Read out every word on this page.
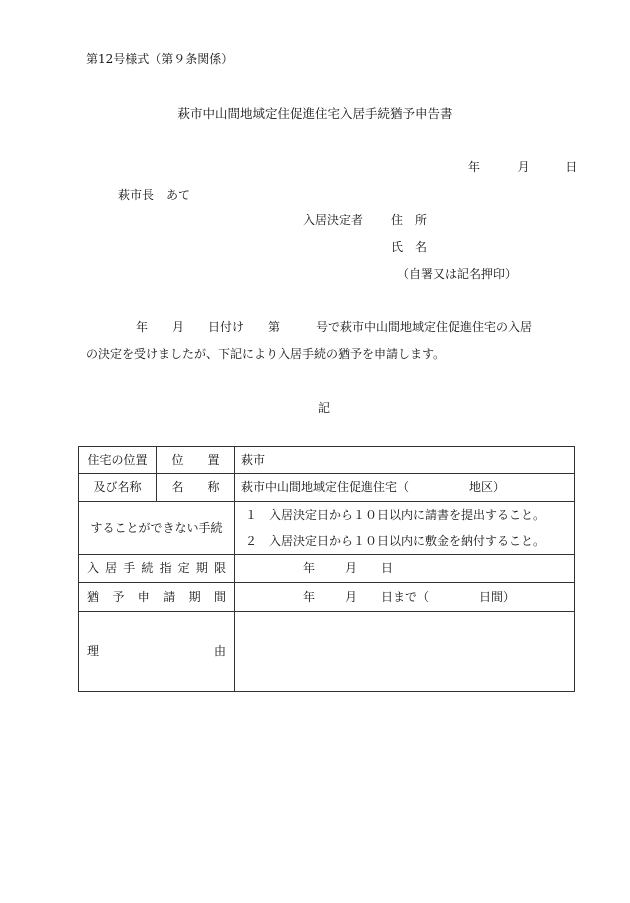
第12号様式（第９条関係）
萩市中山間地域定住促進住宅入居手続猶予申告書
年	月	日
萩市長　あて
入居決定者 住　所
氏　名
（自署又は記名押印）
年　　月　　日付け　　第　　　号で萩市中山間地域定住促進住宅の入居
の決定を受けましたが、下記により入居手続の猶予を申請します。
記
住宅の位置	位　　置	萩市
及び名称	名　　称	萩市中山間地域定住促進住宅（　　　　　地区）
することができない手続		１　入居決定日から１０日以内に請書を提出すること。
２　入居決定日から１０日以内に敷金を納付すること。

入居手続指定期限		年 月 日
猶予申請期間		年 月 日まで（ 日間）

理 由		
